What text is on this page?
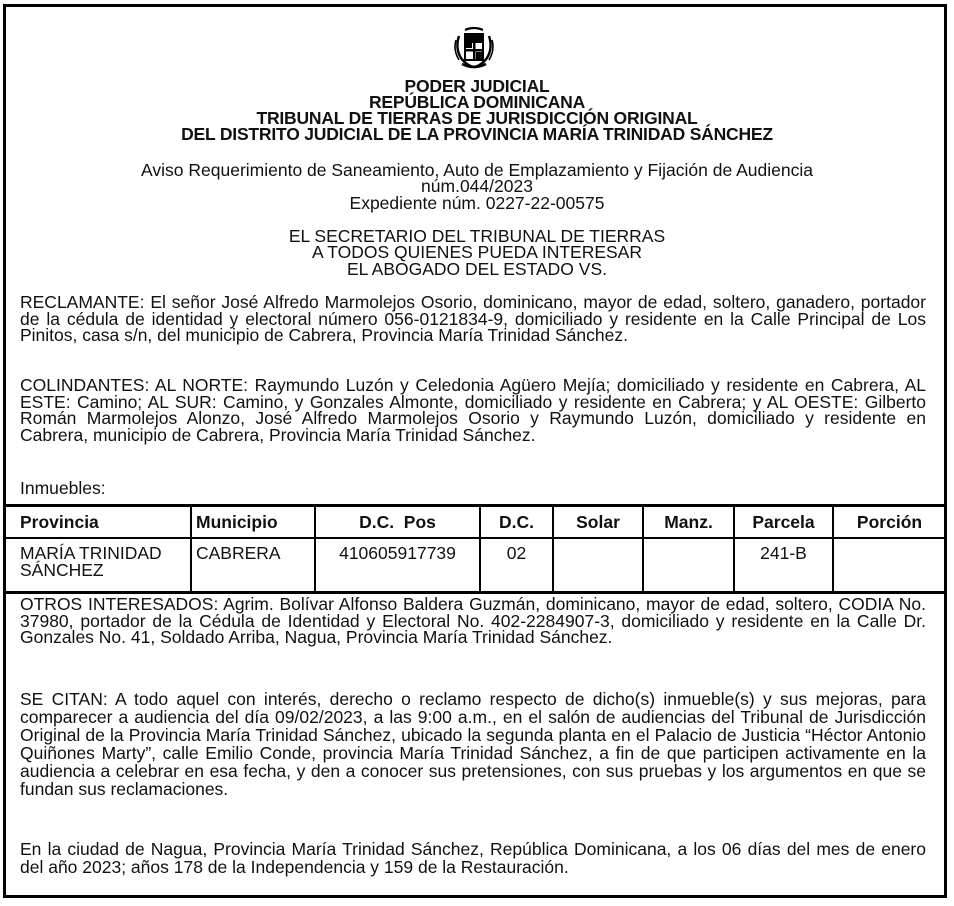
PODER JUDICIAL
REPÚBLICA DOMINICANA
TRIBUNAL DE TIERRAS DE JURISDICCIÓN ORIGINAL
DEL DISTRITO JUDICIAL DE LA PROVINCIA MARÍA TRINIDAD SÁNCHEZ
Aviso Requerimiento de Saneamiento, Auto de Emplazamiento y Fijación de Audiencia
núm.044/2023
Expediente núm. 0227-22-00575
EL SECRETARIO DEL TRIBUNAL DE TIERRAS
A TODOS QUIENES PUEDA INTERESAR
EL ABOGADO DEL ESTADO VS.
RECLAMANTE: El señor José Alfredo Marmolejos Osorio, dominicano, mayor de edad, soltero, ganadero, portador de la cédula de identidad y electoral número 056-0121834-9, domiciliado y residente en la Calle Principal de Los Pinitos, casa s/n, del municipio de Cabrera, Provincia María Trinidad Sánchez.
COLINDANTES: AL NORTE: Raymundo Luzón y Celedonia Agüero Mejía; domiciliado y residente en Cabrera, AL ESTE: Camino; AL SUR: Camino, y Gonzales Almonte, domiciliado y residente en Cabrera; y AL OESTE: Gilberto Román Marmolejos Alonzo, José Alfredo Marmolejos Osorio y Raymundo Luzón, domiciliado y residente en Cabrera, municipio de Cabrera, Provincia María Trinidad Sánchez.
Inmuebles:
Provincia	Municipio	D.C.  Pos	D.C.	Solar	Manz.	Parcela	Porción
MARÍA TRINIDAD SÁNCHEZ	CABRERA	410605917739	02			241-B	
OTROS INTERESADOS: Agrim. Bolívar Alfonso Baldera Guzmán, dominicano, mayor de edad, soltero, CODIA No. 37980, portador de la Cédula de Identidad y Electoral No. 402-2284907-3, domiciliado y residente en la Calle Dr. Gonzales No. 41, Soldado Arriba, Nagua, Provincia María Trinidad Sánchez.
SE CITAN: A todo aquel con interés, derecho o reclamo respecto de dicho(s) inmueble(s) y sus mejoras, para comparecer a audiencia del día 09/02/2023, a las 9:00 a.m., en el salón de audiencias del Tribunal de Jurisdicción Original de la Provincia María Trinidad Sánchez, ubicado la segunda planta en el Palacio de Justicia “Héctor Antonio Quiñones Marty”, calle Emilio Conde, provincia María Trinidad Sánchez, a fin de que participen activamente en la audiencia a celebrar en esa fecha, y den a conocer sus pretensiones, con sus pruebas y los argumentos en que se fundan sus reclamaciones.
En la ciudad de Nagua, Provincia María Trinidad Sánchez, República Dominicana, a los 06 días del mes de enero del año 2023; años 178 de la Independencia y 159 de la Restauración.
